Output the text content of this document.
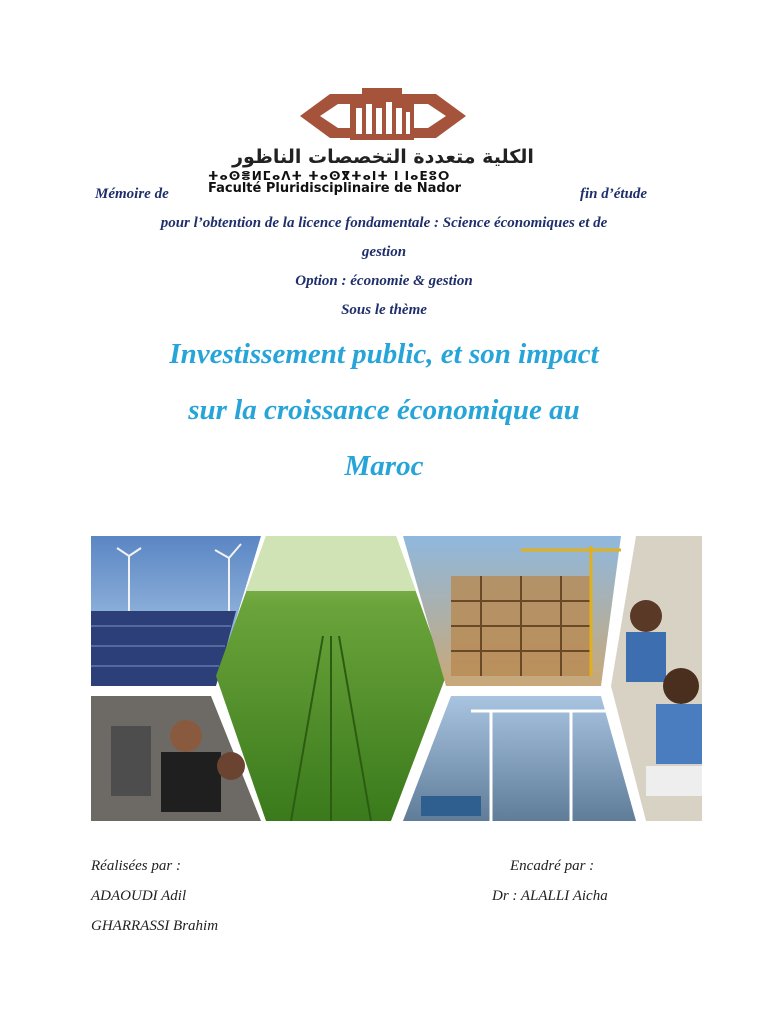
الكلية متعددة التخصصات الناظور
ⵜⴰⵙⴻⵍⵎⴰⴷⵜ ⵜⴰⵙⴳⵜⴰⵏⵜ ⵏ ⵏⴰⴹⵓⵔ
Faculté Pluridisciplinaire de Nador
Mémoire de	fin d’étude
pour l’obtention de la licence fondamentale : Science économiques et de
gestion
Option : économie & gestion
Sous le thème
Investissement public, et son impact
sur la croissance économique au
Maroc
Réalisées par :
ADAOUDI Adil
GHARRASSI Brahim
Encadré par :
Dr : ALALLI Aicha
